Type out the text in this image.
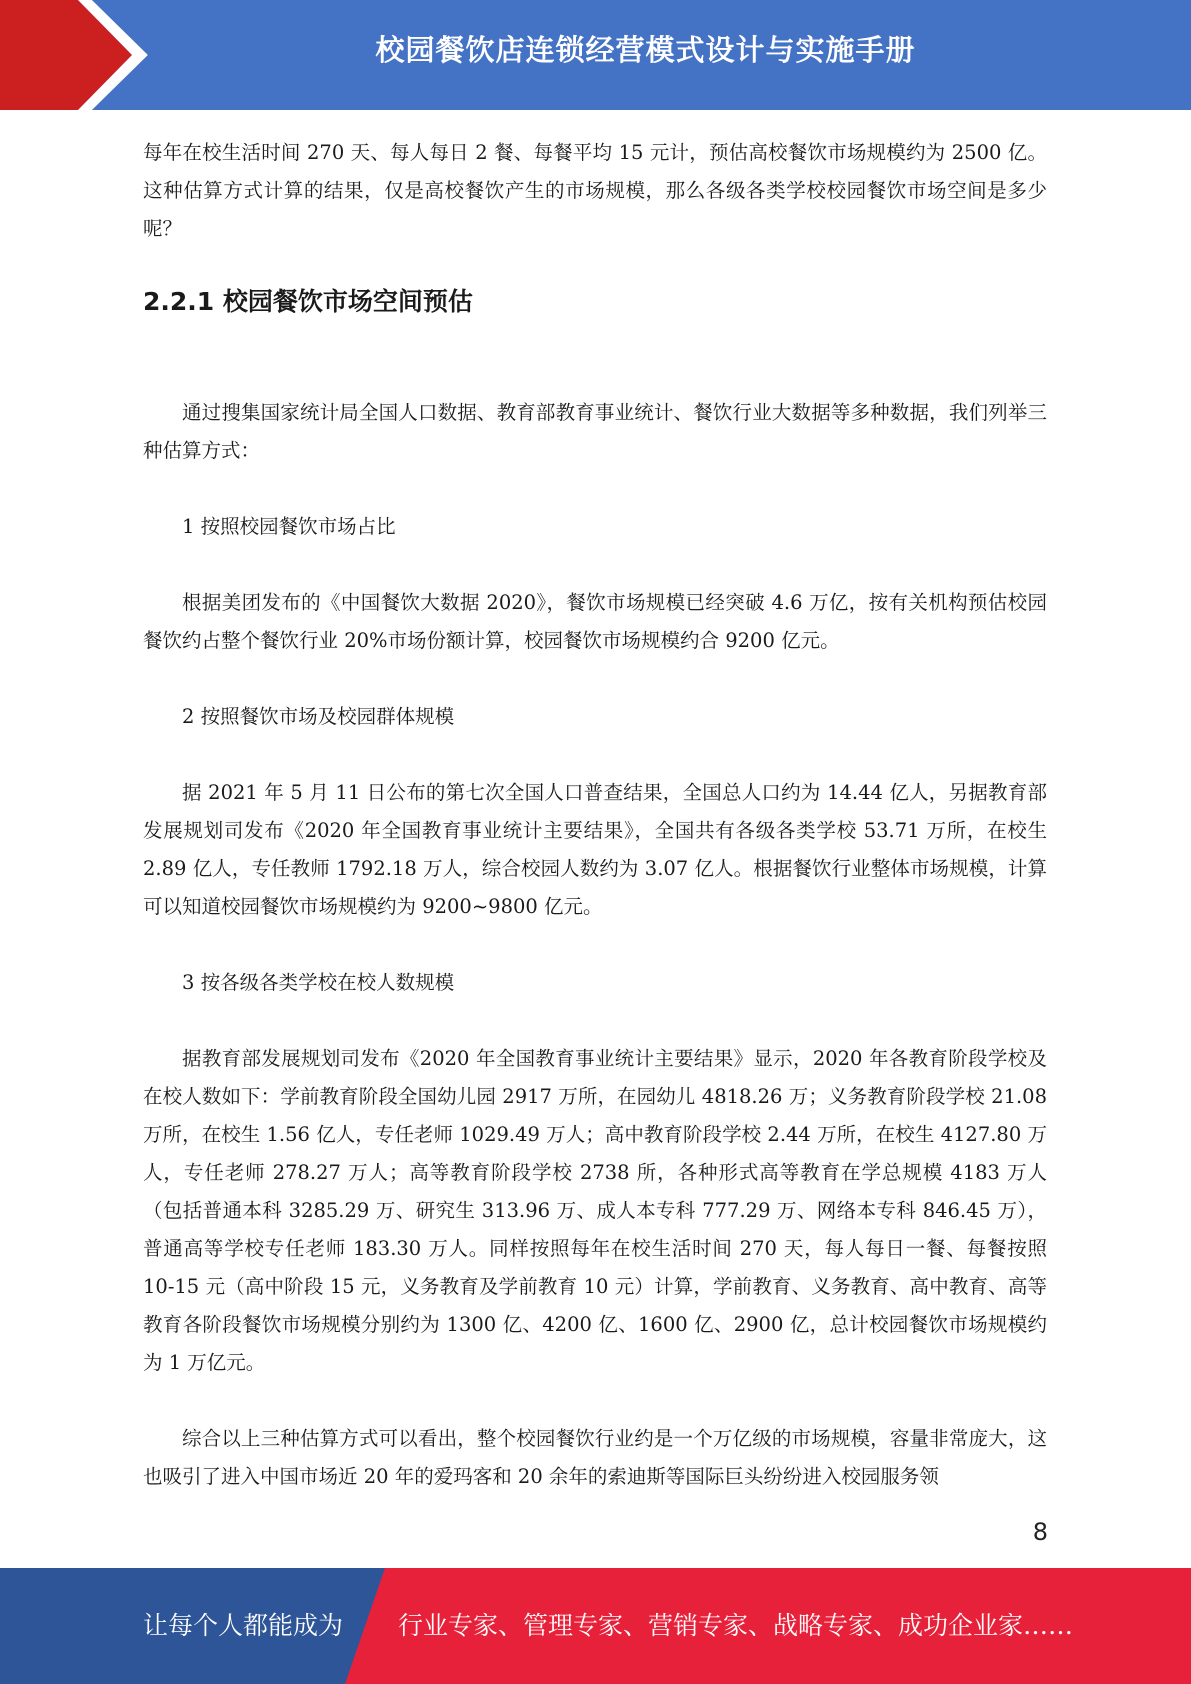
校园餐饮店连锁经营模式设计与实施手册

每年在校生活时间 270 天、每人每日 2 餐、每餐平均 15 元计，预估高校餐饮市场规模约为 2500 亿。这种估算方式计算的结果，仅是高校餐饮产生的市场规模，那么各级各类学校校园餐饮市场空间是多少呢？

2.2.1 校园餐饮市场空间预估

通过搜集国家统计局全国人口数据、教育部教育事业统计、餐饮行业大数据等多种数据，我们列举三种估算方式：

1 按照校园餐饮市场占比

根据美团发布的《中国餐饮大数据 2020》，餐饮市场规模已经突破 4.6 万亿，按有关机构预估校园餐饮约占整个餐饮行业 20%市场份额计算，校园餐饮市场规模约合 9200 亿元。

2 按照餐饮市场及校园群体规模

据 2021 年 5 月 11 日公布的第七次全国人口普查结果，全国总人口约为 14.44 亿人，另据教育部发展规划司发布《2020 年全国教育事业统计主要结果》，全国共有各级各类学校 53.71 万所，在校生 2.89 亿人，专任教师 1792.18 万人，综合校园人数约为 3.07 亿人。根据餐饮行业整体市场规模，计算可以知道校园餐饮市场规模约为 9200~9800 亿元。

3 按各级各类学校在校人数规模

据教育部发展规划司发布《2020 年全国教育事业统计主要结果》显示，2020 年各教育阶段学校及在校人数如下：学前教育阶段全国幼儿园 2917 万所，在园幼儿 4818.26 万；义务教育阶段学校 21.08 万所，在校生 1.56 亿人，专任老师 1029.49 万人；高中教育阶段学校 2.44 万所，在校生 4127.80 万人，专任老师 278.27 万人；高等教育阶段学校 2738 所，各种形式高等教育在学总规模 4183 万人（包括普通本科 3285.29 万、研究生 313.96 万、成人本专科 777.29 万、网络本专科 846.45 万），普通高等学校专任老师 183.30 万人。同样按照每年在校生活时间 270 天，每人每日一餐、每餐按照 10-15 元（高中阶段 15 元，义务教育及学前教育 10 元）计算，学前教育、义务教育、高中教育、高等教育各阶段餐饮市场规模分别约为 1300 亿、4200 亿、1600 亿、2900 亿，总计校园餐饮市场规模约为 1 万亿元。

综合以上三种估算方式可以看出，整个校园餐饮行业约是一个万亿级的市场规模，容量非常庞大，这也吸引了进入中国市场近 20 年的爱玛客和 20 余年的索迪斯等国际巨头纷纷进入校园服务领

8
让每个人都能成为 行业专家、管理专家、营销专家、战略专家、成功企业家……
